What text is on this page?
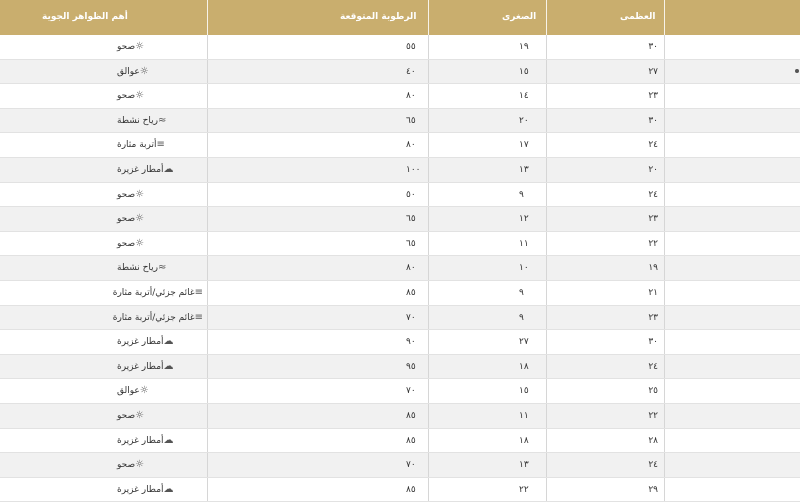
أهم الظواهر الجوية	الرطوبة المتوقعة	الصغرى	العظمى
صحو☼	٥٥	١٩	٣٠
عوالق☼	٤٠	١٥	٢٧
صحو☼	٨٠	١٤	٢٣
رياح نشطة≈	٦٥	٢٠	٣٠
أتربة مثارة≡	٨٠	١٧	٢٤
أمطار غزيرة☁	١٠٠	١٣	٢٠
صحو☼	٥٠	٩	٢٤
صحو☼	٦٥	١٢	٢٣
صحو☼	٦٥	١١	٢٢
رياح نشطة≈	٨٠	١٠	١٩
غائم جزئي/أتربة مثارة≡	٨٥	٩	٢١
غائم جزئي/أتربة مثارة≡	٧٠	٩	٢٣
أمطار غزيرة☁	٩٠	٢٧	٣٠
أمطار غزيرة☁	٩٥	١٨	٢٤
عوالق☼	٧٠	١٥	٢٥
صحو☼	٨٥	١١	٢٢
أمطار غزيرة☁	٨٥	١٨	٢٨
صحو☼	٧٠	١٣	٢٤
أمطار غزيرة☁	٨٥	٢٢	٢٩
